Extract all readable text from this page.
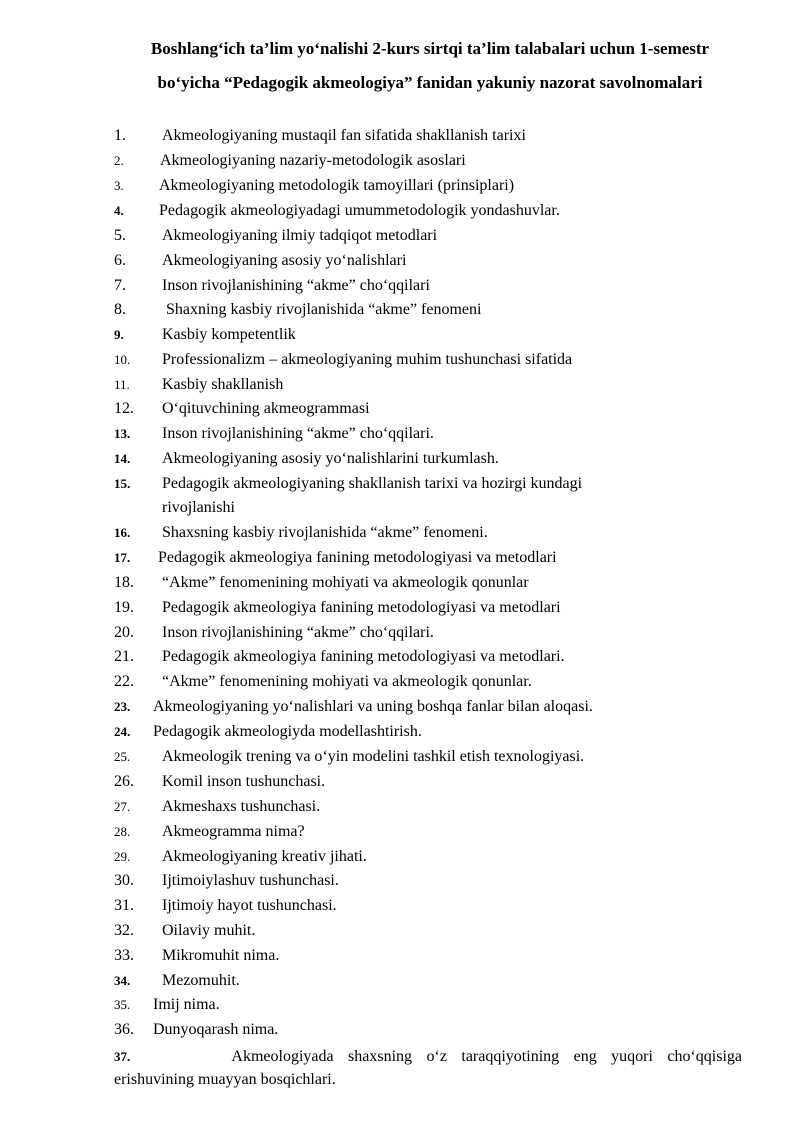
Boshlang‘ich ta’lim yo‘nalishi 2-kurs sirtqi ta’lim talabalari uchun 1-semestr
bo‘yicha “Pedagogik akmeologiya” fanidan yakuniy nazorat savolnomalari
1. Akmeologiyaning mustaqil fan sifatida shakllanish tarixi
2. Akmeologiyaning nazariy-metodologik asoslari
3. Akmeologiyaning metodologik tamoyillari (prinsiplari)
4. Pedagogik akmeologiyadagi umummetodologik yondashuvlar.
5. Akmeologiyaning ilmiy tadqiqot metodlari
6. Akmeologiyaning asosiy yo‘nalishlari
7. Inson rivojlanishining “akme” cho‘qqilari
8. Shaxning kasbiy rivojlanishida “akme” fenomeni
9. Kasbiy kompetentlik
10. Professionalizm – akmeologiyaning muhim tushunchasi sifatida
11. Kasbiy shakllanish
12. O‘qituvchining akmeogrammasi
13. Inson rivojlanishining “akme” cho‘qqilari.
14. Akmeologiyaning asosiy yo‘nalishlarini turkumlash.
15. Pedagogik akmeologiyaning shakllanish tarixi va hozirgi kundagi
rivojlanishi
16. Shaxsning kasbiy rivojlanishida “akme” fenomeni.
17. Pedagogik akmeologiya fanining metodologiyasi va metodlari
18. “Akme” fenomenining mohiyati va akmeologik qonunlar
19. Pedagogik akmeologiya fanining metodologiyasi va metodlari
20. Inson rivojlanishining “akme” cho‘qqilari.
21. Pedagogik akmeologiya fanining metodologiyasi va metodlari.
22. “Akme” fenomenining mohiyati va akmeologik qonunlar.
23. Akmeologiyaning yo‘nalishlari va uning boshqa fanlar bilan aloqasi.
24. Pedagogik akmeologiyda modellashtirish.
25. Akmeologik trening va o‘yin modelini tashkil etish texnologiyasi.
26. Komil inson tushunchasi.
27. Akmeshaxs tushunchasi.
28. Akmeogramma nima?
29. Akmeologiyaning kreativ jihati.
30. Ijtimoiylashuv tushunchasi.
31. Ijtimoiy hayot tushunchasi.
32. Oilaviy muhit.
33. Mikromuhit nima.
34. Mezomuhit.
35. Imij nima.
36. Dunyoqarash nima.
37.	Akmeologiyada shaxsning o‘z taraqqiyotining eng yuqori cho‘qqisiga
erishuvining muayyan bosqichlari.
